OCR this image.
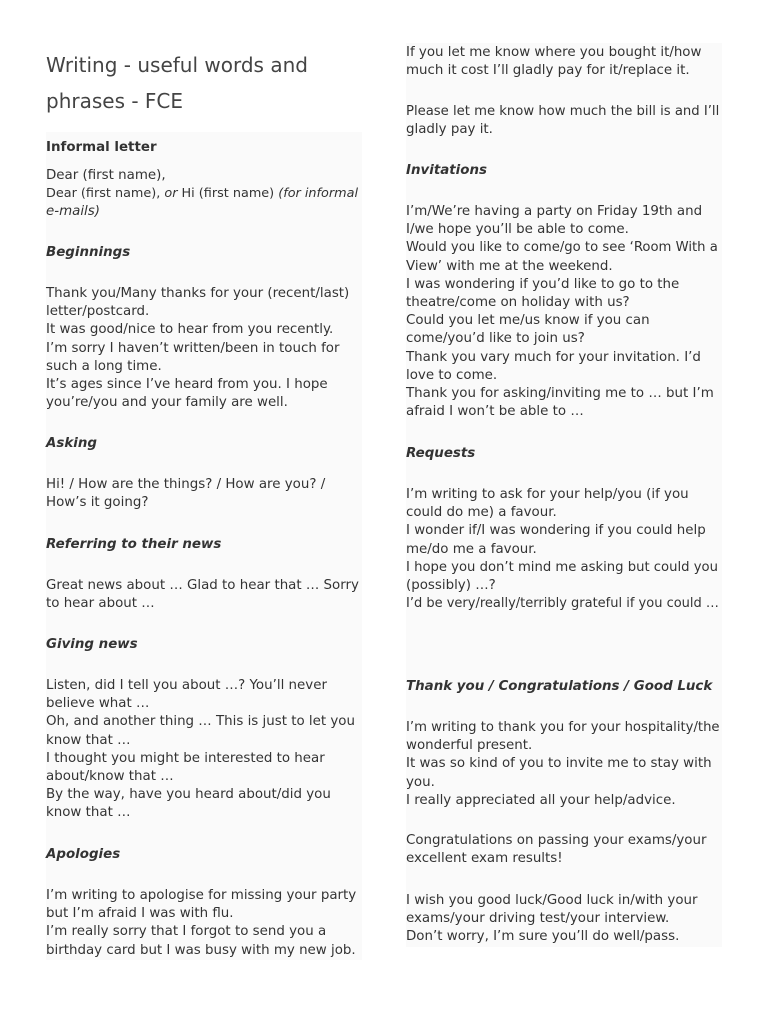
Writing - useful words and
phrases - FCE
Informal letter
Dear (first name),
Dear (first name), or Hi (first name) (for informal
e-mails)
Beginnings
Thank you/Many thanks for your (recent/last)
letter/postcard.
It was good/nice to hear from you recently.
I’m sorry I haven’t written/been in touch for
such a long time.
It’s ages since I’ve heard from you. I hope
you’re/you and your family are well.
Asking
Hi! / How are the things? / How are you? /
How’s it going?
Referring to their news
Great news about … Glad to hear that … Sorry
to hear about …
Giving news
Listen, did I tell you about …? You’ll never
believe what …
Oh, and another thing … This is just to let you
know that …
I thought you might be interested to hear
about/know that …
By the way, have you heard about/did you
know that …
Apologies
I’m writing to apologise for missing your party
but I’m afraid I was with flu.
I’m really sorry that I forgot to send you a
birthday card but I was busy with my new job.
If you let me know where you bought it/how
much it cost I’ll gladly pay for it/replace it.
Please let me know how much the bill is and I’ll
gladly pay it.
Invitations
I’m/We’re having a party on Friday 19th and
I/we hope you’ll be able to come.
Would you like to come/go to see ‘Room With a
View’ with me at the weekend.
I was wondering if you’d like to go to the
theatre/come on holiday with us?
Could you let me/us know if you can
come/you’d like to join us?
Thank you vary much for your invitation. I’d
love to come.
Thank you for asking/inviting me to … but I’m
afraid I won’t be able to …
Requests
I’m writing to ask for your help/you (if you
could do me) a favour.
I wonder if/I was wondering if you could help
me/do me a favour.
I hope you don’t mind me asking but could you
(possibly) …?
I’d be very/really/terribly grateful if you could …
Thank you / Congratulations / Good Luck
I’m writing to thank you for your hospitality/the
wonderful present.
It was so kind of you to invite me to stay with
you.
I really appreciated all your help/advice.
Congratulations on passing your exams/your
excellent exam results!
I wish you good luck/Good luck in/with your
exams/your driving test/your interview.
Don’t worry, I’m sure you’ll do well/pass.
